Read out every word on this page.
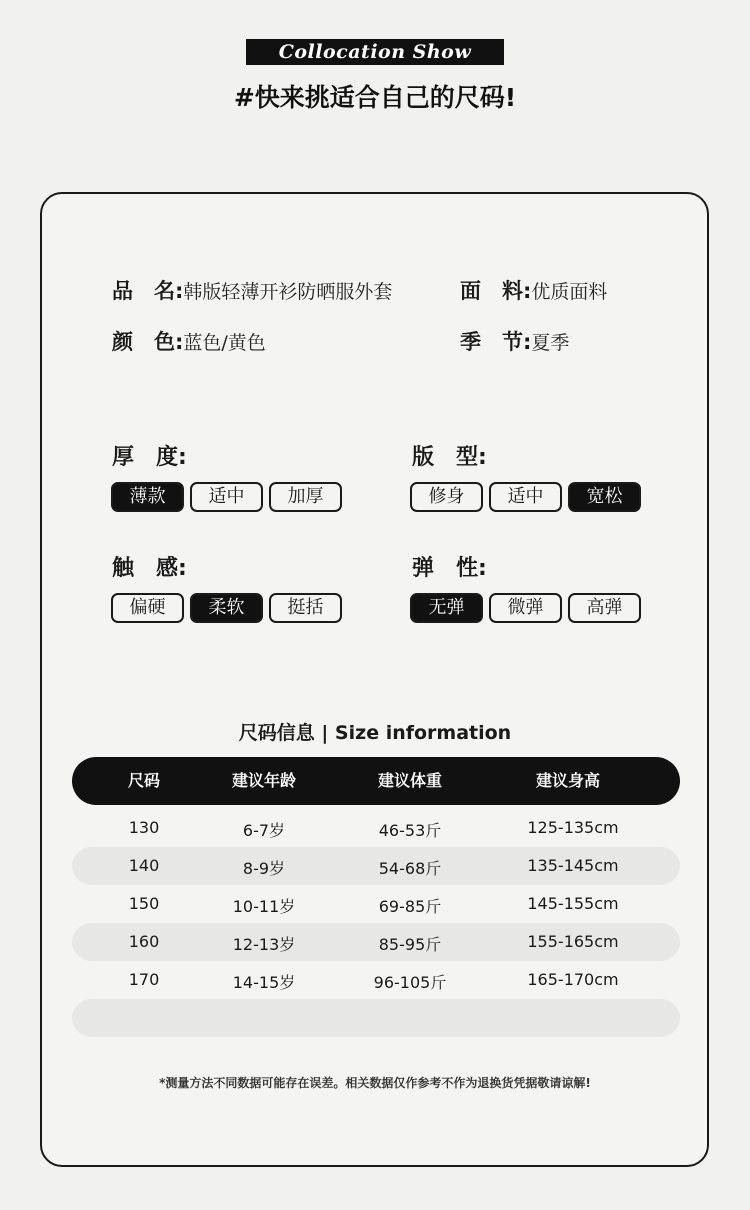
Collocation Show
#快来挑适合自己的尺码!
品　名 : 韩版轻薄开衫防晒服外套	面　料 : 优质面料
颜　色 : 蓝色/黄色	季　节 : 夏季
厚　度:
薄款	适中	加厚
版　型:
修身	适中	宽松
触　感:
偏硬	柔软	挺括
弹　性:
无弹	微弹	高弹
尺码信息 | Size information
尺码	建议年龄	建议体重	建议身高
130	6-7岁	46-53斤	125-135cm
140	8-9岁	54-68斤	135-145cm
150	10-11岁	69-85斤	145-155cm
160	12-13岁	85-95斤	155-165cm
170	14-15岁	96-105斤	165-170cm
*测量方法不同数据可能存在误差。相关数据仅作参考不作为退换货凭据敬请谅解!
